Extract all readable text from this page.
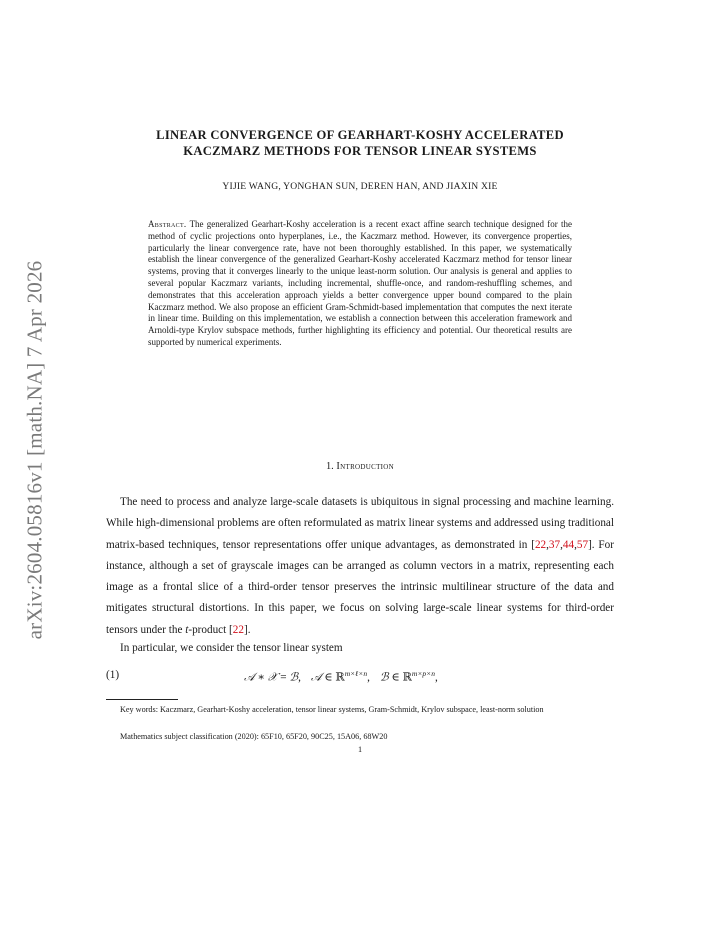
arXiv:2604.05816v1 [math.NA] 7 Apr 2026
LINEAR CONVERGENCE OF GEARHART-KOSHY ACCELERATED
KACZMARZ METHODS FOR TENSOR LINEAR SYSTEMS
YIJIE WANG, YONGHAN SUN, DEREN HAN, AND JIAXIN XIE
Abstract. The generalized Gearhart-Koshy acceleration is a recent exact affine search technique designed for the method of cyclic projections onto hyperplanes, i.e., the Kaczmarz method. However, its convergence properties, particularly the linear convergence rate, have not been thoroughly established. In this paper, we systematically establish the linear convergence of the generalized Gearhart-Koshy accelerated Kaczmarz method for tensor linear systems, proving that it converges linearly to the unique least-norm solution. Our analysis is general and applies to several popular Kaczmarz variants, including incremental, shuffle-once, and random-reshuffling schemes, and demonstrates that this acceleration approach yields a better convergence upper bound compared to the plain Kaczmarz method. We also propose an efficient Gram-Schmidt-based implementation that computes the next iterate in linear time. Building on this implementation, we establish a connection between this acceleration framework and Arnoldi-type Krylov subspace methods, further highlighting its efficiency and potential. Our theoretical results are supported by numerical experiments.
1. Introduction
The need to process and analyze large-scale datasets is ubiquitous in signal processing and machine learning. While high-dimensional problems are often reformulated as matrix linear systems and addressed using traditional matrix-based techniques, tensor representations offer unique advantages, as demonstrated in [22,37,44,57]. For instance, although a set of grayscale images can be arranged as column vectors in a matrix, representing each image as a frontal slice of a third-order tensor preserves the intrinsic multilinear structure of the data and mitigates structural distortions. In this paper, we focus on solving large-scale linear systems for third-order tensors under the t-product [22].
In particular, we consider the tensor linear system
(1)	𝒜 ∗ 𝒳 = ℬ, 𝒜 ∈ ℝ$^{m\times\ell\times n}$, ℬ ∈ ℝ$^{m\times p\times n}$,
Key words: Kaczmarz, Gearhart-Koshy acceleration, tensor linear systems, Gram-Schmidt, Krylov subspace, least-norm solution
Mathematics subject classification (2020): 65F10, 65F20, 90C25, 15A06, 68W20
1
